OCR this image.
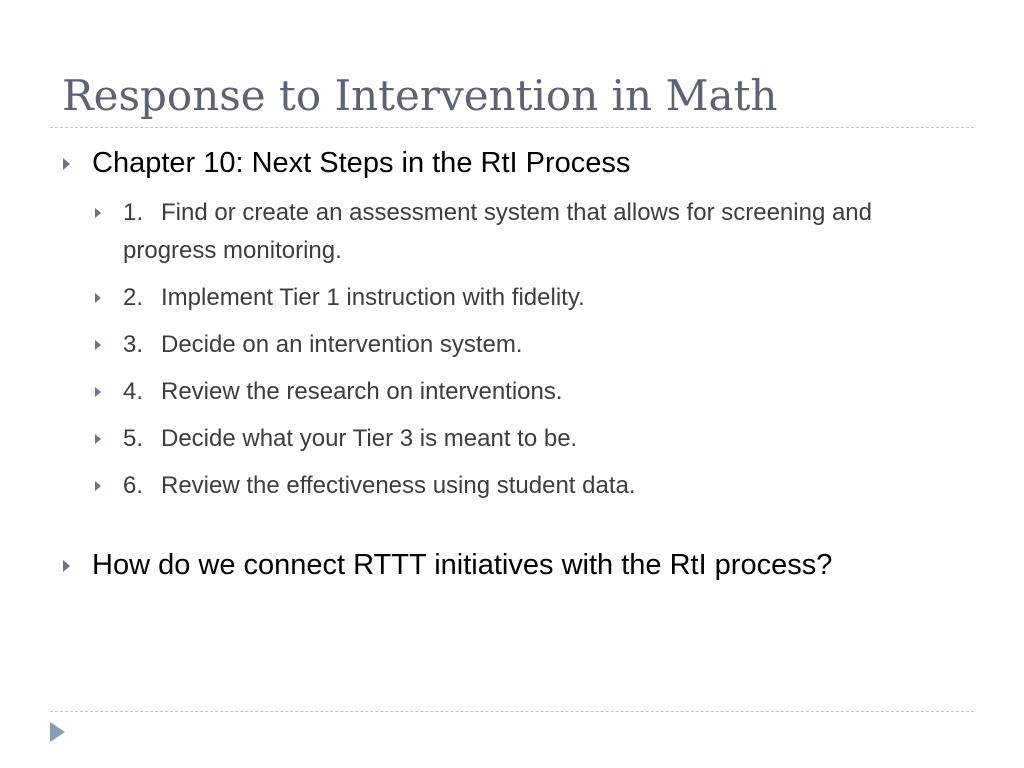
Response to Intervention in Math
Chapter 10: Next Steps in the RtI Process
1. Find or create an assessment system that allows for screening and progress monitoring.
2. Implement Tier 1 instruction with fidelity.
3. Decide on an intervention system.
4. Review the research on interventions.
5. Decide what your Tier 3 is meant to be.
6. Review the effectiveness using student data.
How do we connect RTTT initiatives with the RtI process?
